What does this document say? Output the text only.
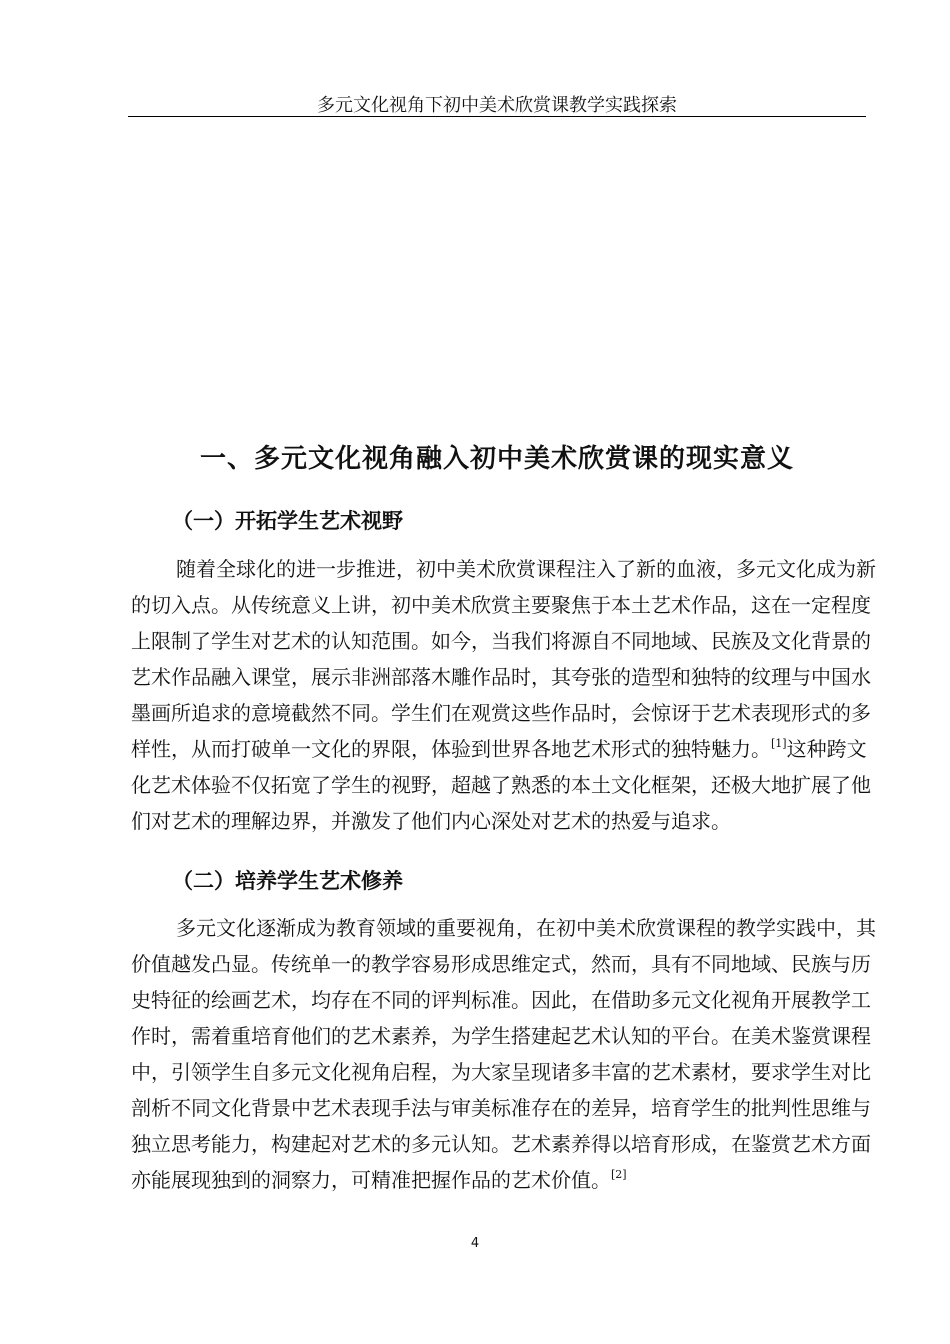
多元文化视角下初中美术欣赏课教学实践探索
一、多元文化视角融入初中美术欣赏课的现实意义
（一）开拓学生艺术视野
随着全球化的进一步推进，初中美术欣赏课程注入了新的血液，多元文化成为新
的切入点。从传统意义上讲，初中美术欣赏主要聚焦于本土艺术作品，这在一定程度
上限制了学生对艺术的认知范围。如今，当我们将源自不同地域、民族及文化背景的
艺术作品融入课堂，展示非洲部落木雕作品时，其夸张的造型和独特的纹理与中国水
墨画所追求的意境截然不同。学生们在观赏这些作品时，会惊讶于艺术表现形式的多
样性，从而打破单一文化的界限，体验到世界各地艺术形式的独特魅力。[1]这种跨文
化艺术体验不仅拓宽了学生的视野，超越了熟悉的本土文化框架，还极大地扩展了他
们对艺术的理解边界，并激发了他们内心深处对艺术的热爱与追求。
（二）培养学生艺术修养
多元文化逐渐成为教育领域的重要视角，在初中美术欣赏课程的教学实践中，其
价值越发凸显。传统单一的教学容易形成思维定式，然而，具有不同地域、民族与历
史特征的绘画艺术，均存在不同的评判标准。因此，在借助多元文化视角开展教学工
作时，需着重培育他们的艺术素养，为学生搭建起艺术认知的平台。在美术鉴赏课程
中，引领学生自多元文化视角启程，为大家呈现诸多丰富的艺术素材，要求学生对比
剖析不同文化背景中艺术表现手法与审美标准存在的差异，培育学生的批判性思维与
独立思考能力，构建起对艺术的多元认知。艺术素养得以培育形成，在鉴赏艺术方面
亦能展现独到的洞察力，可精准把握作品的艺术价值。[2]
4
